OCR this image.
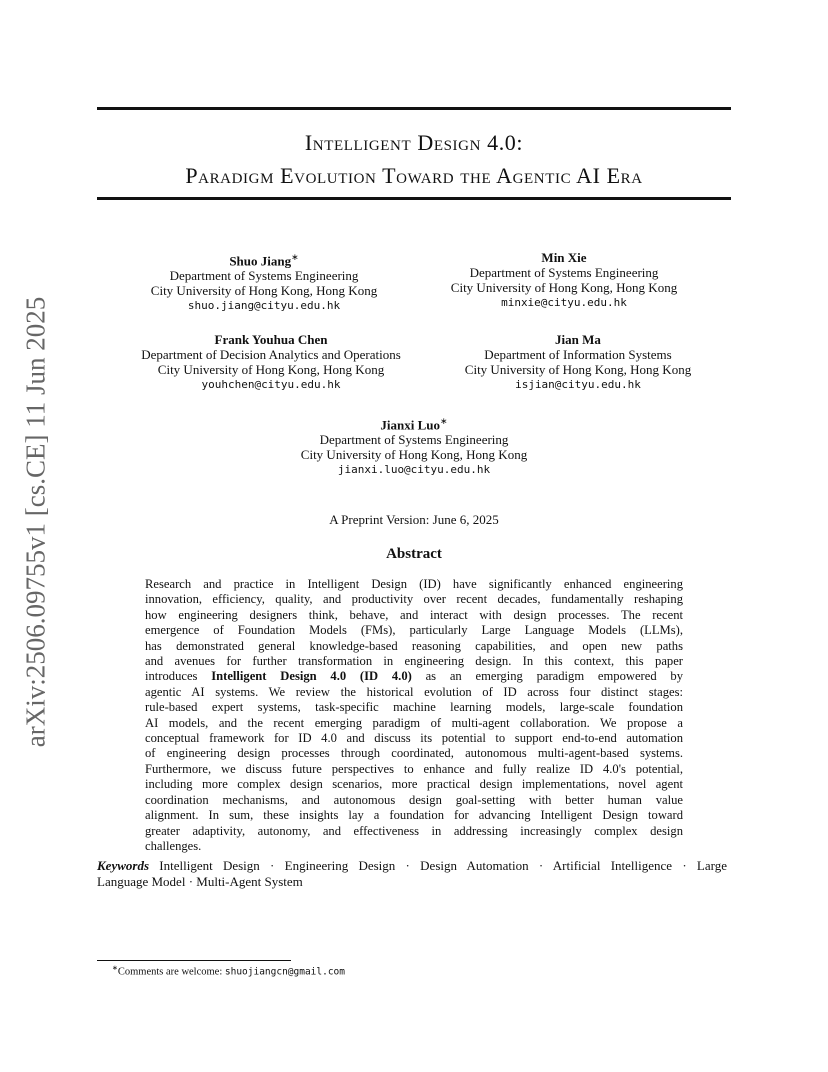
arXiv:2506.09755v1 [cs.CE] 11 Jun 2025
Intelligent Design 4.0:
Paradigm Evolution Toward the Agentic AI Era
Shuo Jiang∗
Department of Systems Engineering
City University of Hong Kong, Hong Kong
shuo.jiang@cityu.edu.hk
Min Xie
Department of Systems Engineering
City University of Hong Kong, Hong Kong
minxie@cityu.edu.hk
Frank Youhua Chen
Department of Decision Analytics and Operations
City University of Hong Kong, Hong Kong
youhchen@cityu.edu.hk
Jian Ma
Department of Information Systems
City University of Hong Kong, Hong Kong
isjian@cityu.edu.hk
Jianxi Luo∗
Department of Systems Engineering
City University of Hong Kong, Hong Kong
jianxi.luo@cityu.edu.hk
A Preprint Version: June 6, 2025
Abstract
Research and practice in Intelligent Design (ID) have significantly enhanced engineering
innovation, efficiency, quality, and productivity over recent decades, fundamentally reshaping
how engineering designers think, behave, and interact with design processes. The recent
emergence of Foundation Models (FMs), particularly Large Language Models (LLMs),
has demonstrated general knowledge-based reasoning capabilities, and open new paths
and avenues for further transformation in engineering design. In this context, this paper
introduces Intelligent Design 4.0 (ID 4.0) as an emerging paradigm empowered by
agentic AI systems. We review the historical evolution of ID across four distinct stages:
rule-based expert systems, task-specific machine learning models, large-scale foundation
AI models, and the recent emerging paradigm of multi-agent collaboration. We propose a
conceptual framework for ID 4.0 and discuss its potential to support end-to-end automation
of engineering design processes through coordinated, autonomous multi-agent-based systems.
Furthermore, we discuss future perspectives to enhance and fully realize ID 4.0's potential,
including more complex design scenarios, more practical design implementations, novel agent
coordination mechanisms, and autonomous design goal-setting with better human value
alignment. In sum, these insights lay a foundation for advancing Intelligent Design toward
greater adaptivity, autonomy, and effectiveness in addressing increasingly complex design
challenges.
Keywords Intelligent Design · Engineering Design · Design Automation · Artificial Intelligence · Large
Language Model · Multi-Agent System
∗Comments are welcome: shuojiangcn@gmail.com
